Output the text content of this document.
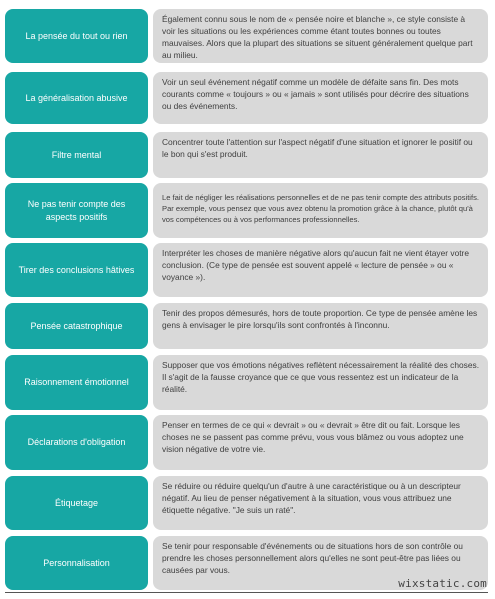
La pensée du tout ou rien
Également connu sous le nom de « pensée noire et blanche », ce style consiste à voir les situations ou les expériences comme étant toutes bonnes ou toutes mauvaises. Alors que la plupart des situations se situent généralement quelque part au milieu.
La généralisation abusive
Voir un seul événement négatif comme un modèle de défaite sans fin. Des mots courants comme « toujours » ou « jamais » sont utilisés pour décrire des situations ou des événements.
Filtre mental
Concentrer toute l'attention sur l'aspect négatif d'une situation et ignorer le positif ou le bon qui s'est produit.
Ne pas tenir compte des aspects positifs
Le fait de négliger les réalisations personnelles et de ne pas tenir compte des attributs positifs. Par exemple, vous pensez que vous avez obtenu la promotion grâce à la chance, plutôt qu'à vos compétences ou à vos performances professionnelles.
Tirer des conclusions hâtives
Interpréter les choses de manière négative alors qu'aucun fait ne vient étayer votre conclusion. (Ce type de pensée est souvent appelé « lecture de pensée » ou « voyance »).
Pensée catastrophique
Tenir des propos démesurés, hors de toute proportion. Ce type de pensée amène les gens à envisager le pire lorsqu'ils sont confrontés à l'inconnu.
Raisonnement émotionnel
Supposer que vos émotions négatives reflètent nécessairement la réalité des choses. Il s'agit de la fausse croyance que ce que vous ressentez est un indicateur de la réalité.
Déclarations d'obligation
Penser en termes de ce qui « devrait » ou « devrait » être dit ou fait. Lorsque les choses ne se passent pas comme prévu, vous vous blâmez ou vous adoptez une vision négative de votre vie.
Étiquetage
Se réduire ou réduire quelqu'un d'autre à une caractéristique ou à un descripteur négatif. Au lieu de penser négativement à la situation, vous vous attribuez une étiquette négative. "Je suis un raté".
Personnalisation
Se tenir pour responsable d'événements ou de situations hors de son contrôle ou prendre les choses personnellement alors qu'elles ne sont peut-être pas liées ou causées par vous.
wixstatic.com
